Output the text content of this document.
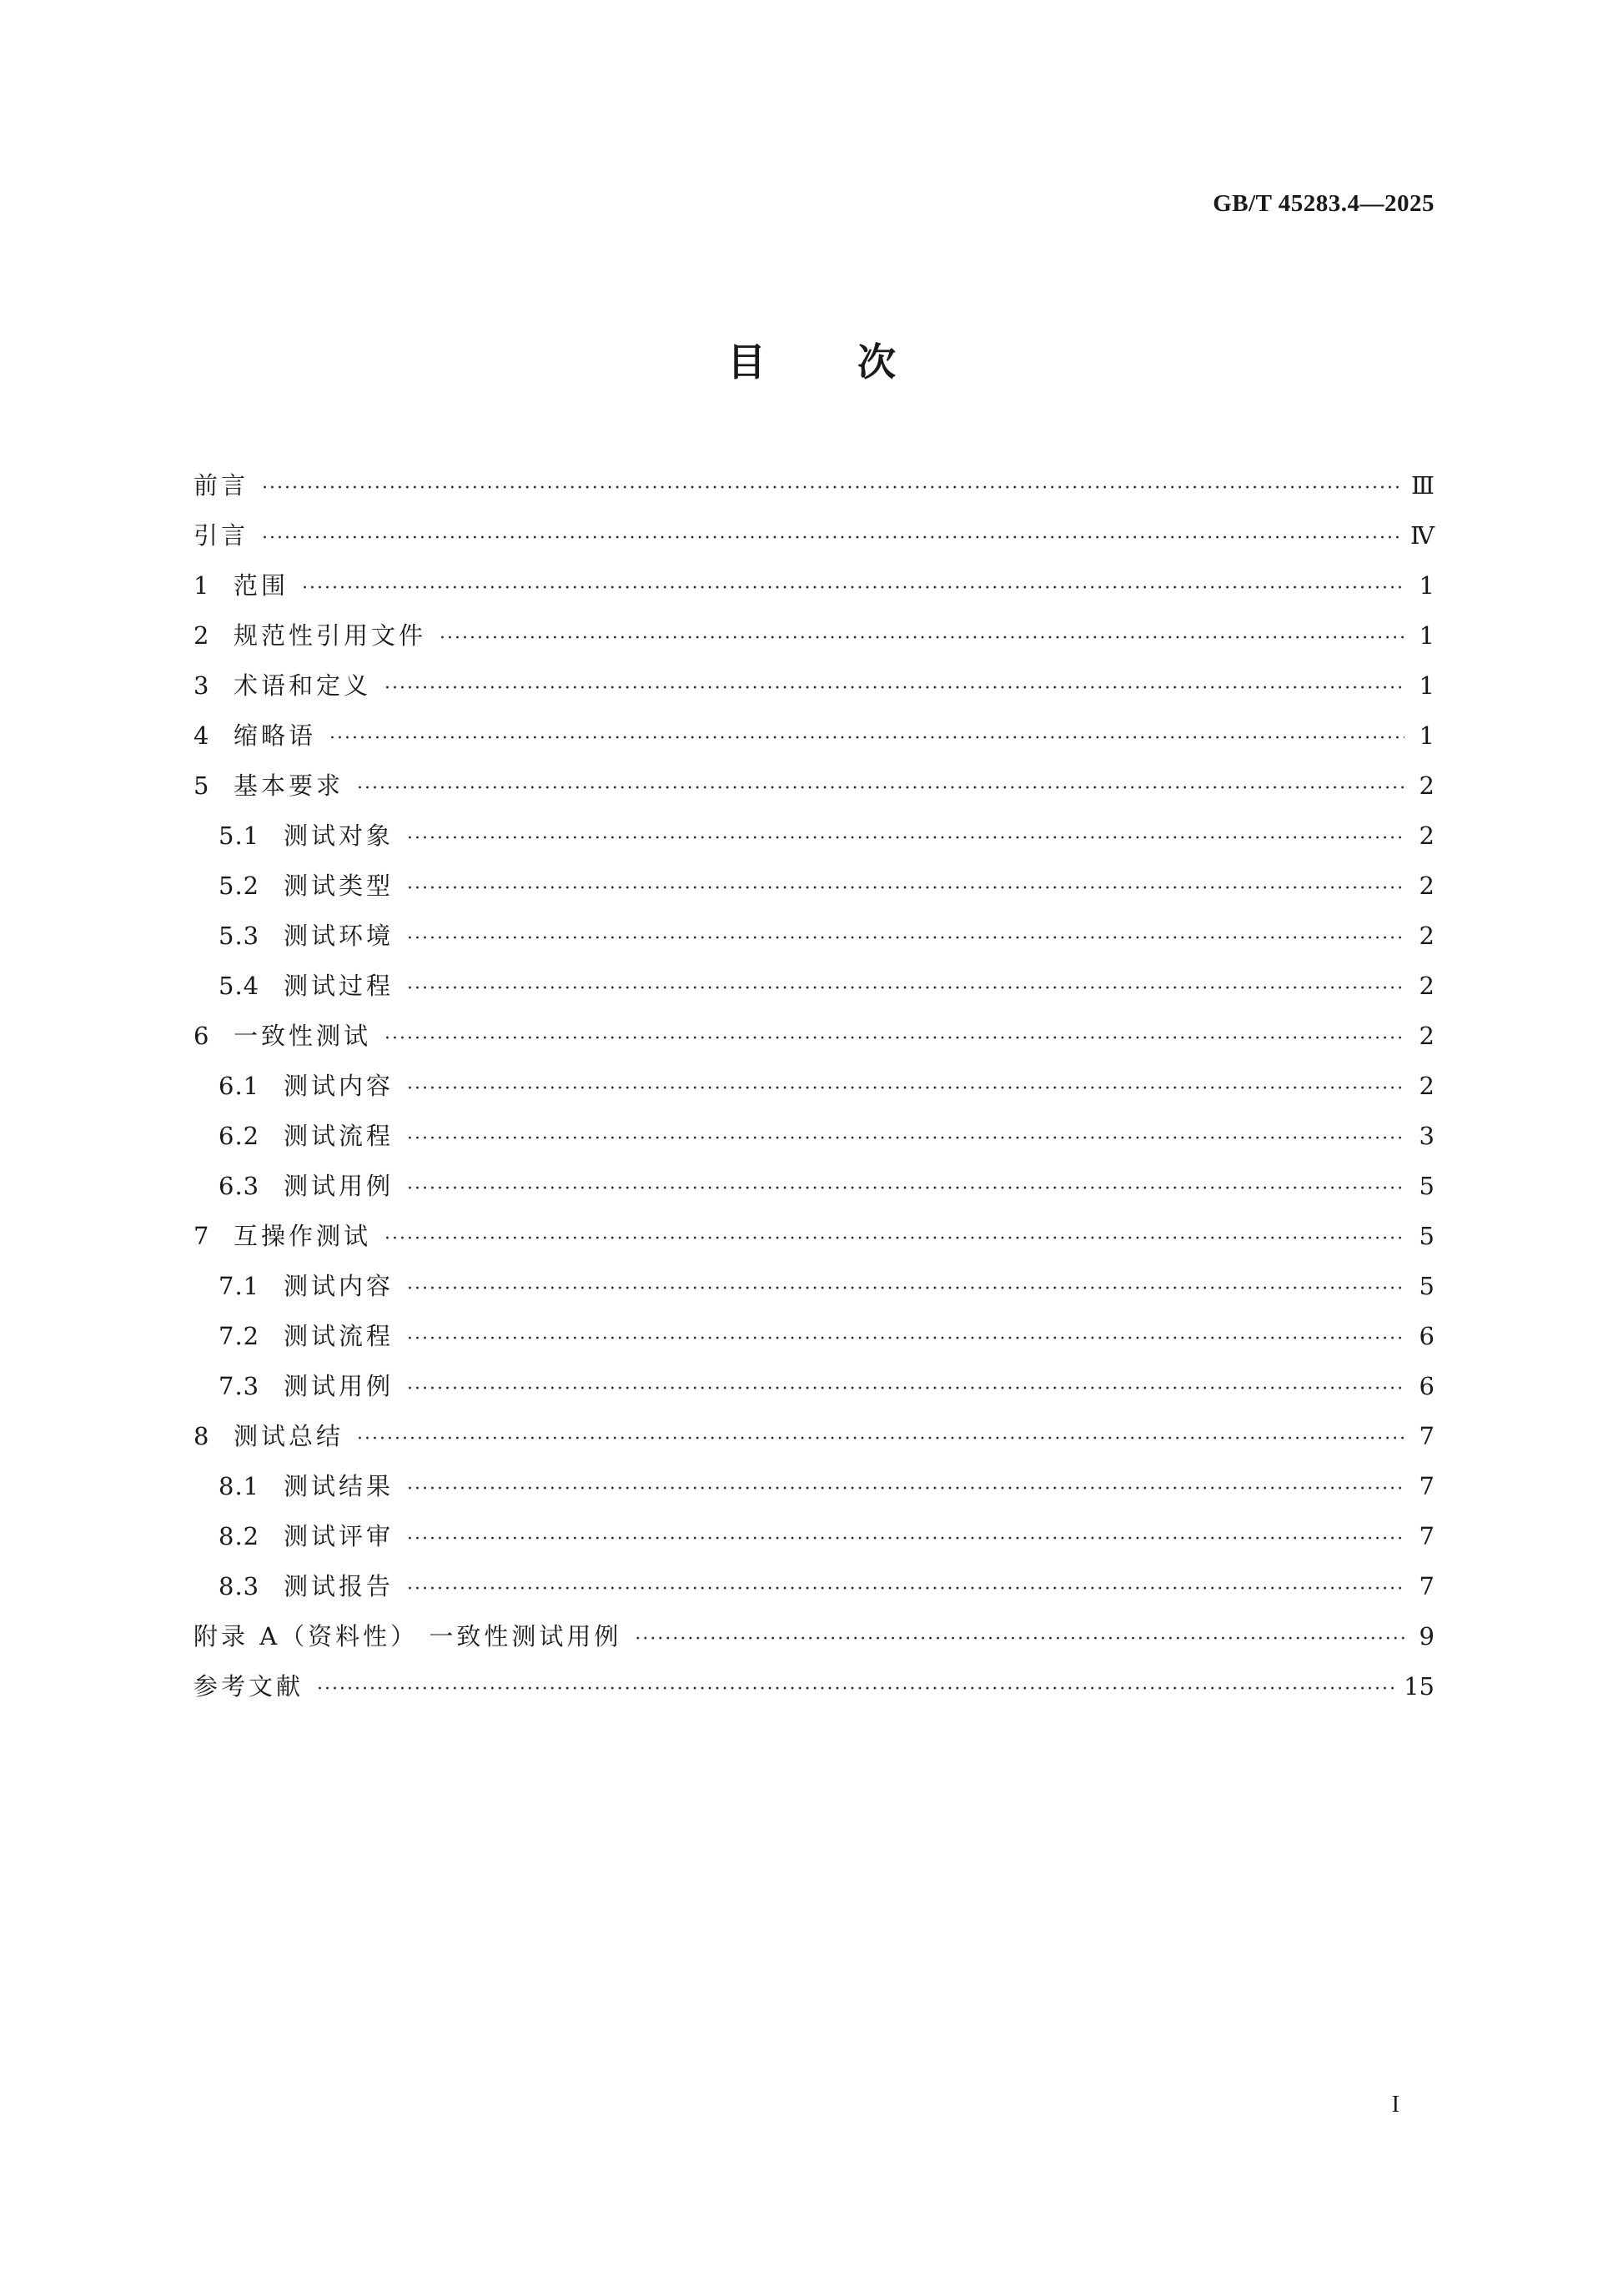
GB/T 45283.4—2025
目 次
前言 ·····	Ⅲ
引言 ·····	Ⅳ
1 范围 ·····	1
2 规范性引用文件 ·····	1
3 术语和定义 ·····	1
4 缩略语 ·····	1
5 基本要求 ·····	2
5.1 测试对象 ·····	2
5.2 测试类型 ·····	2
5.3 测试环境 ·····	2
5.4 测试过程 ·····	2
6 一致性测试 ·····	2
6.1 测试内容 ·····	2
6.2 测试流程 ·····	3
6.3 测试用例 ·····	5
7 互操作测试 ·····	5
7.1 测试内容 ·····	5
7.2 测试流程 ·····	6
7.3 测试用例 ·····	6
8 测试总结 ·····	7
8.1 测试结果 ·····	7
8.2 测试评审 ·····	7
8.3 测试报告 ·····	7
附录 A（资料性） 一致性测试用例 ·····	9
参考文献 ·····	15
I
